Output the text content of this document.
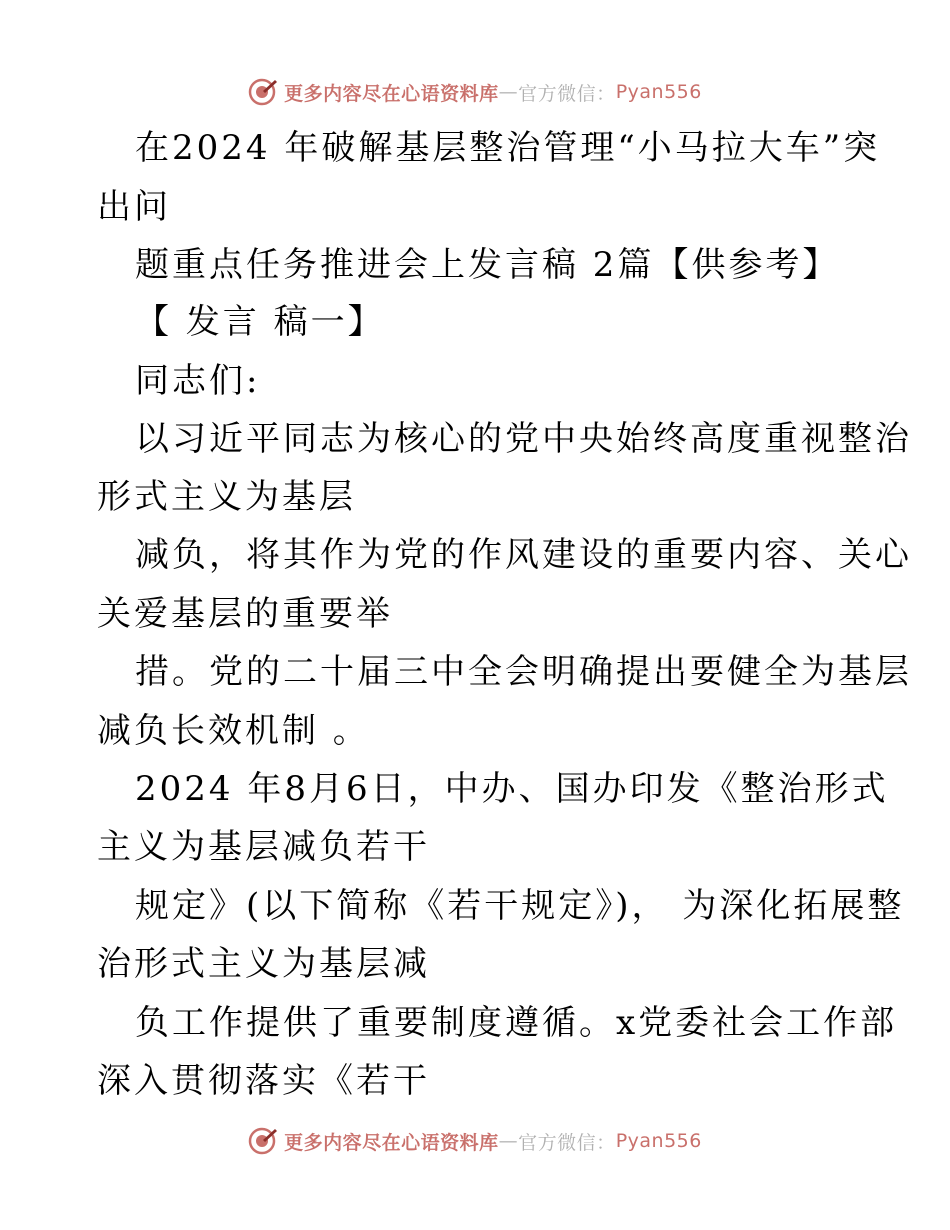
更多内容尽在心语资料库 — 官方微信： Pyan556
在2024 年破解基层整治管理“小马拉大车”突
出问
题重点任务推进会上发言稿 2篇【供参考】
【 发言 稿一】
同志们:
以习近平同志为核心的党中央始终高度重视整治
形式主义为基层
减负，将其作为党的作风建设的重要内容、关心
关爱基层的重要举
措。党的二十届三中全会明确提出要健全为基层
减负长效机制 。
2024 年8月6日，中办、国办印发《整治形式
主义为基层减负若干
规定》(以下简称《若干规定》)， 为深化拓展整
治形式主义为基层减
负工作提供了重要制度遵循。x党委社会工作部
深入贯彻落实《若干
更多内容尽在心语资料库 — 官方微信： Pyan556
